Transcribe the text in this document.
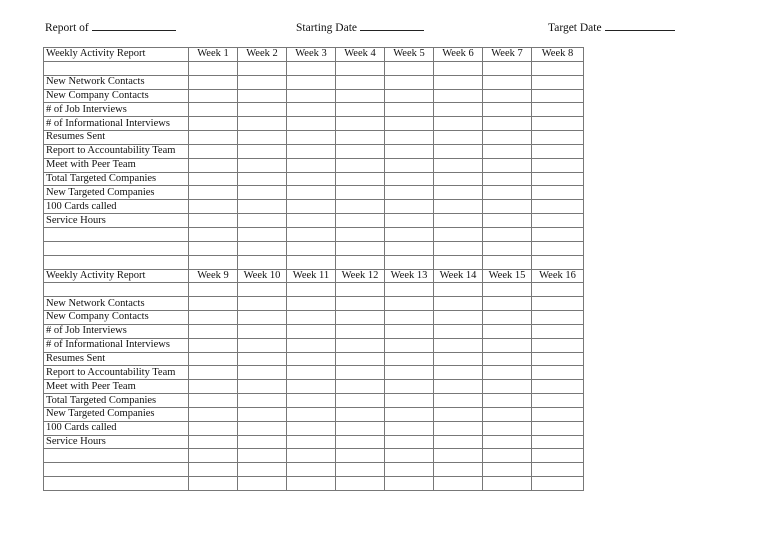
Report of	Starting Date	Target Date
Weekly Activity Report	Week 1	Week 2	Week 3	Week 4	Week 5	Week 6	Week 7	Week 8

New Network Contacts								
New Company Contacts								
# of Job Interviews								
# of Informational Interviews								
Resumes Sent								
Report to Accountability Team								
Meet with Peer Team								
Total Targeted Companies								
New Targeted Companies								
100 Cards called								
Service Hours								

Weekly Activity Report	Week 9	Week 10	Week 11	Week 12	Week 13	Week 14	Week 15	Week 16

New Network Contacts								
New Company Contacts								
# of Job Interviews								
# of Informational Interviews								
Resumes Sent								
Report to Accountability Team								
Meet with Peer Team								
Total Targeted Companies								
New Targeted Companies								
100 Cards called								
Service Hours								
